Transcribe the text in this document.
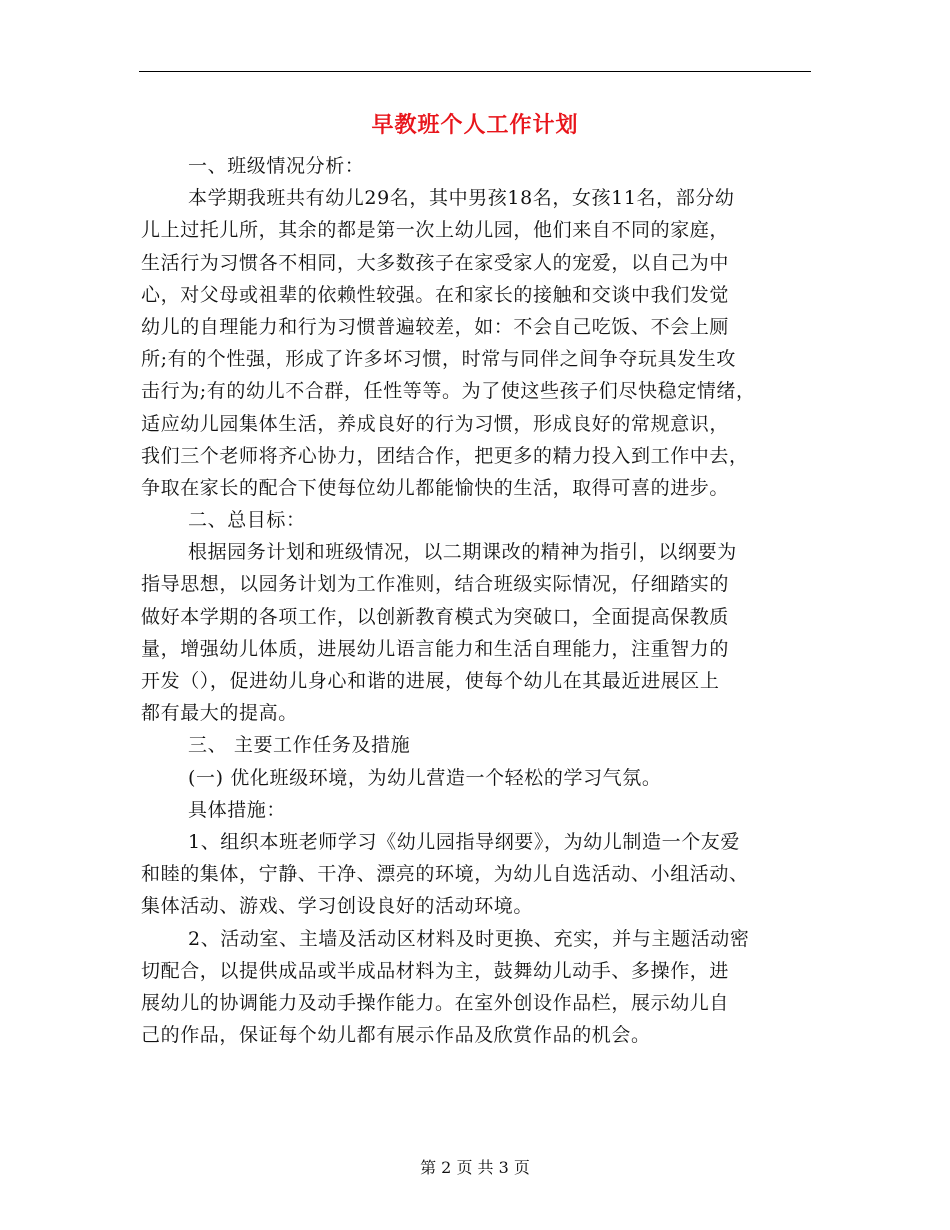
早教班个人工作计划
一、班级情况分析：
本学期我班共有幼儿29名，其中男孩18名，女孩11名，部分幼
儿上过托儿所，其余的都是第一次上幼儿园，他们来自不同的家庭，
生活行为习惯各不相同，大多数孩子在家受家人的宠爱，以自己为中
心，对父母或祖辈的依赖性较强。在和家长的接触和交谈中我们发觉
幼儿的自理能力和行为习惯普遍较差，如：不会自己吃饭、不会上厕
所;有的个性强，形成了许多坏习惯，时常与同伴之间争夺玩具发生攻
击行为;有的幼儿不合群，任性等等。为了使这些孩子们尽快稳定情绪，
适应幼儿园集体生活，养成良好的行为习惯，形成良好的常规意识，
我们三个老师将齐心协力，团结合作，把更多的精力投入到工作中去，
争取在家长的配合下使每位幼儿都能愉快的生活，取得可喜的进步。
二、总目标：
根据园务计划和班级情况，以二期课改的精神为指引，以纲要为
指导思想，以园务计划为工作准则，结合班级实际情况，仔细踏实的
做好本学期的各项工作，以创新教育模式为突破口，全面提高保教质
量，增强幼儿体质，进展幼儿语言能力和生活自理能力，注重智力的
开发（），促进幼儿身心和谐的进展，使每个幼儿在其最近进展区上
都有最大的提高。
三、 主要工作任务及措施
(一) 优化班级环境，为幼儿营造一个轻松的学习气氛。
具体措施：
1、组织本班老师学习《幼儿园指导纲要》，为幼儿制造一个友爱
和睦的集体，宁静、干净、漂亮的环境，为幼儿自选活动、小组活动、
集体活动、游戏、学习创设良好的活动环境。
2、活动室、主墙及活动区材料及时更换、充实，并与主题活动密
切配合，以提供成品或半成品材料为主，鼓舞幼儿动手、多操作，进
展幼儿的协调能力及动手操作能力。在室外创设作品栏，展示幼儿自
己的作品，保证每个幼儿都有展示作品及欣赏作品的机会。
第 2 页 共 3 页
